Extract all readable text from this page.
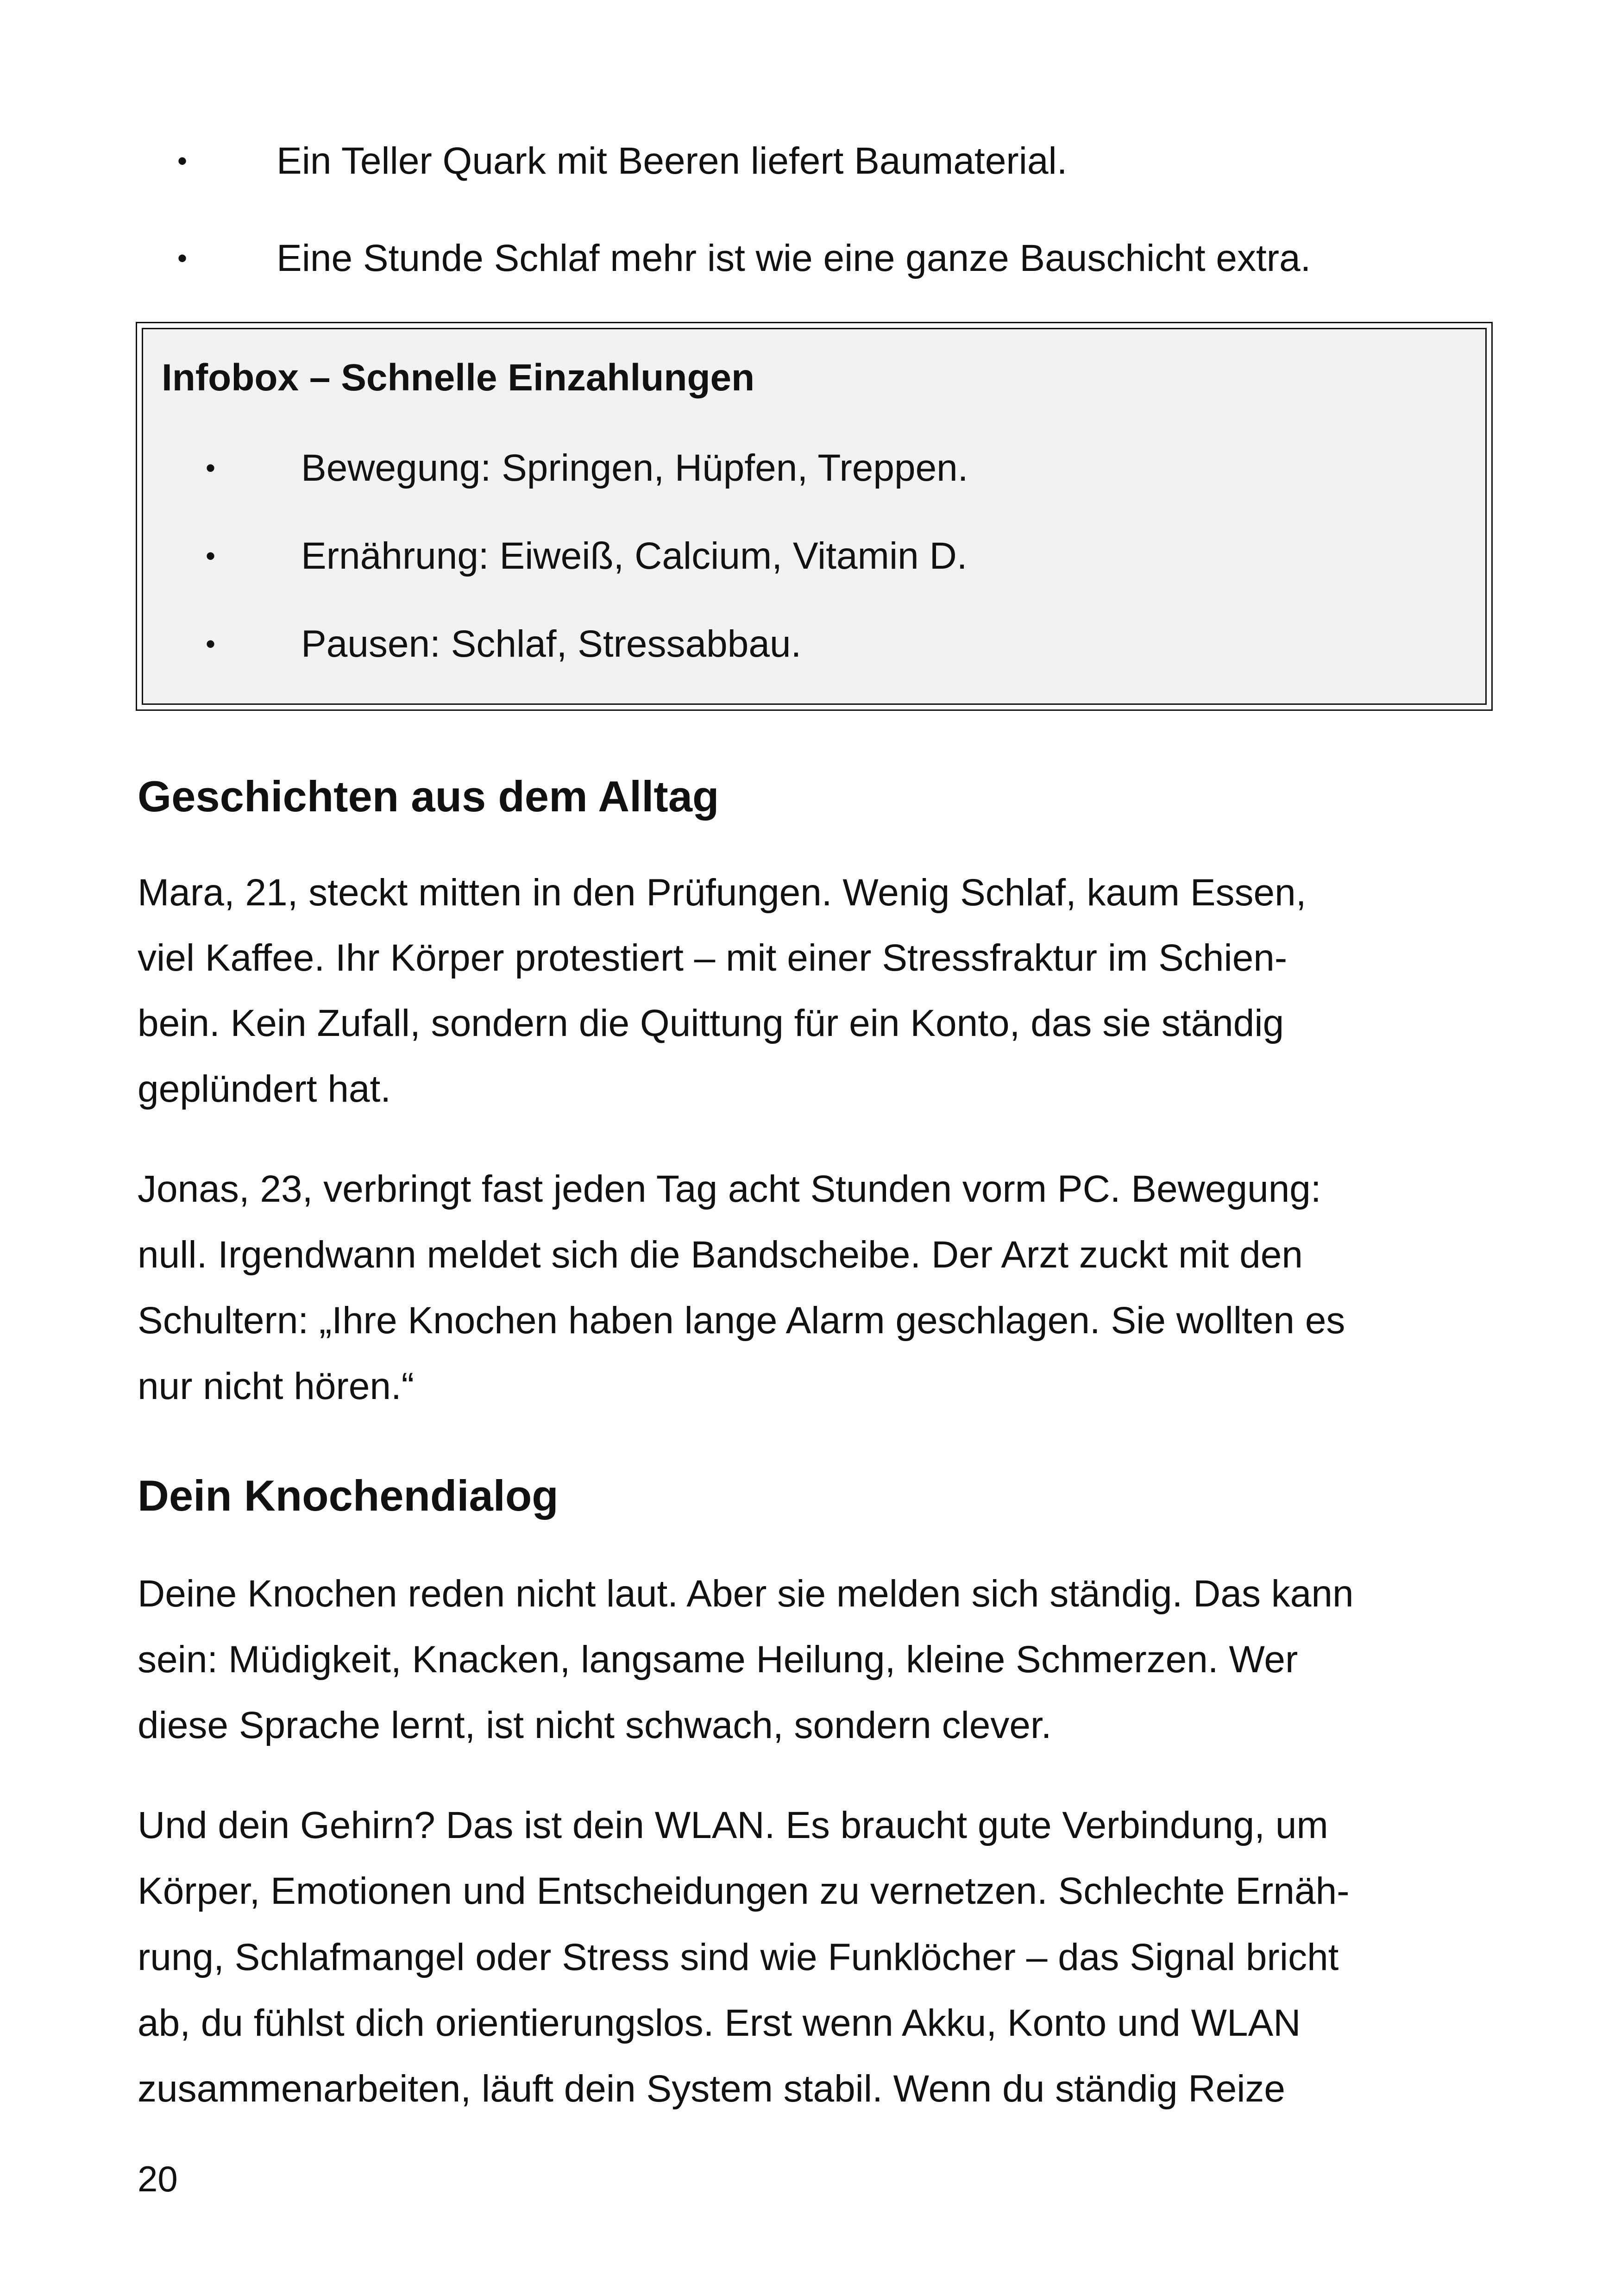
• Ein Teller Quark mit Beeren liefert Baumaterial.
• Eine Stunde Schlaf mehr ist wie eine ganze Bauschicht extra.
Infobox – Schnelle Einzahlungen
• Bewegung: Springen, Hüpfen, Treppen.
• Ernährung: Eiweiß, Calcium, Vitamin D.
• Pausen: Schlaf, Stressabbau.
Geschichten aus dem Alltag
Mara, 21, steckt mitten in den Prüfungen. Wenig Schlaf, kaum Essen,
viel Kaffee. Ihr Körper protestiert – mit einer Stressfraktur im Schien-
bein. Kein Zufall, sondern die Quittung für ein Konto, das sie ständig
geplündert hat.
Jonas, 23, verbringt fast jeden Tag acht Stunden vorm PC. Bewegung:
null. Irgendwann meldet sich die Bandscheibe. Der Arzt zuckt mit den
Schultern: „Ihre Knochen haben lange Alarm geschlagen. Sie wollten es
nur nicht hören.“
Dein Knochendialog
Deine Knochen reden nicht laut. Aber sie melden sich ständig. Das kann
sein: Müdigkeit, Knacken, langsame Heilung, kleine Schmerzen. Wer
diese Sprache lernt, ist nicht schwach, sondern clever.
Und dein Gehirn? Das ist dein WLAN. Es braucht gute Verbindung, um
Körper, Emotionen und Entscheidungen zu vernetzen. Schlechte Ernäh-
rung, Schlafmangel oder Stress sind wie Funklöcher – das Signal bricht
ab, du fühlst dich orientierungslos. Erst wenn Akku, Konto und WLAN
zusammenarbeiten, läuft dein System stabil. Wenn du ständig Reize
20
